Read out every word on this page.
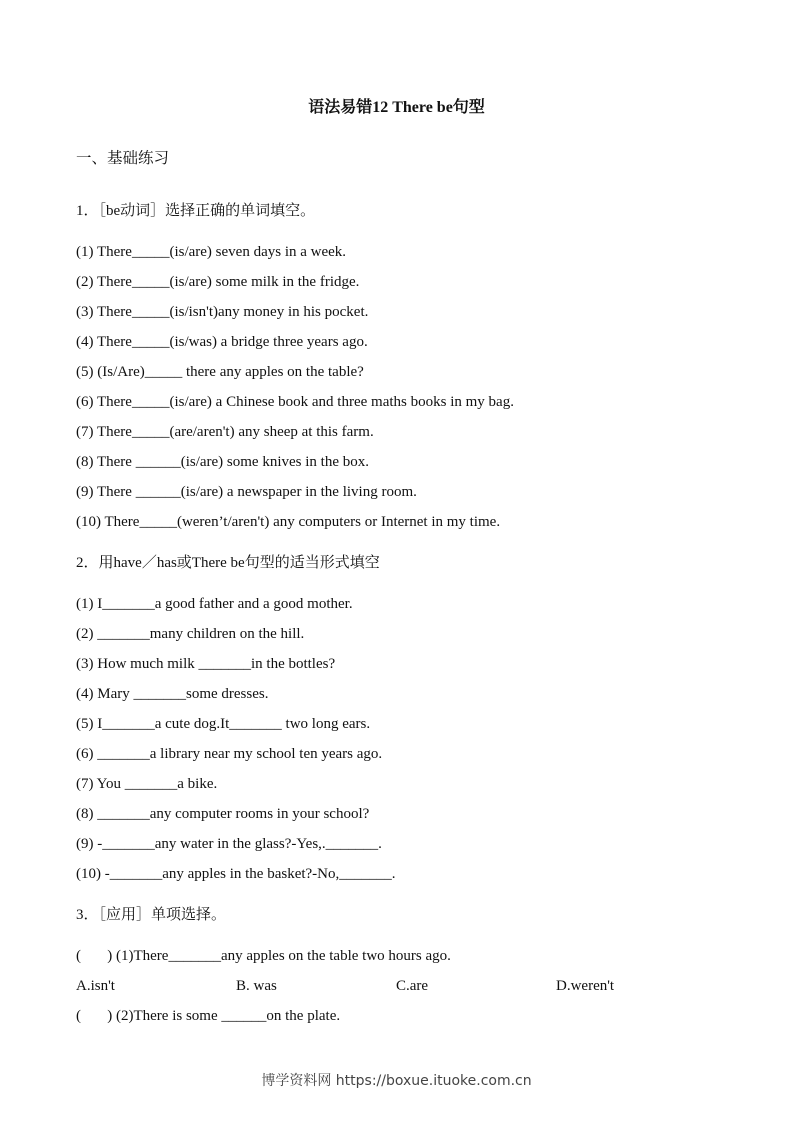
语法易错12 There be句型
一、基础练习
1．［be动词］选择正确的单词填空。
(1) There_____(is/are) seven days in a week.
(2) There_____(is/are) some milk in the fridge.
(3) There_____(is/isn't)any money in his pocket.
(4) There_____(is/was) a bridge three years ago.
(5) (Is/Are)_____ there any apples on the table?
(6) There_____(is/are) a Chinese book and three maths books in my bag.
(7) There_____(are/aren't) any sheep at this farm.
(8) There ______(is/are) some knives in the box.
(9) There ______(is/are) a newspaper in the living room.
(10) There_____(weren’t/aren't) any computers or Internet in my time.
2．用have／has或There be句型的适当形式填空
(1) I_______a good father and a good mother.
(2) _______many children on the hill.
(3) How much milk _______in the bottles?
(4) Mary _______some dresses.
(5) I_______a cute dog.It_______ two long ears.
(6) _______a library near my school ten years ago.
(7) You _______a bike.
(8) _______any computer rooms in your school?
(9) -_______any water in the glass?-Yes,._______.
(10) -_______any apples in the basket?-No,_______.
3．［应用］单项选择。
(       ) (1)There_______any apples on the table two hours ago.
A.isn't	B. was	C.are	D.weren't
(       ) (2)There is some ______on the plate.
博学资料网 https://boxue.ituoke.com.cn
